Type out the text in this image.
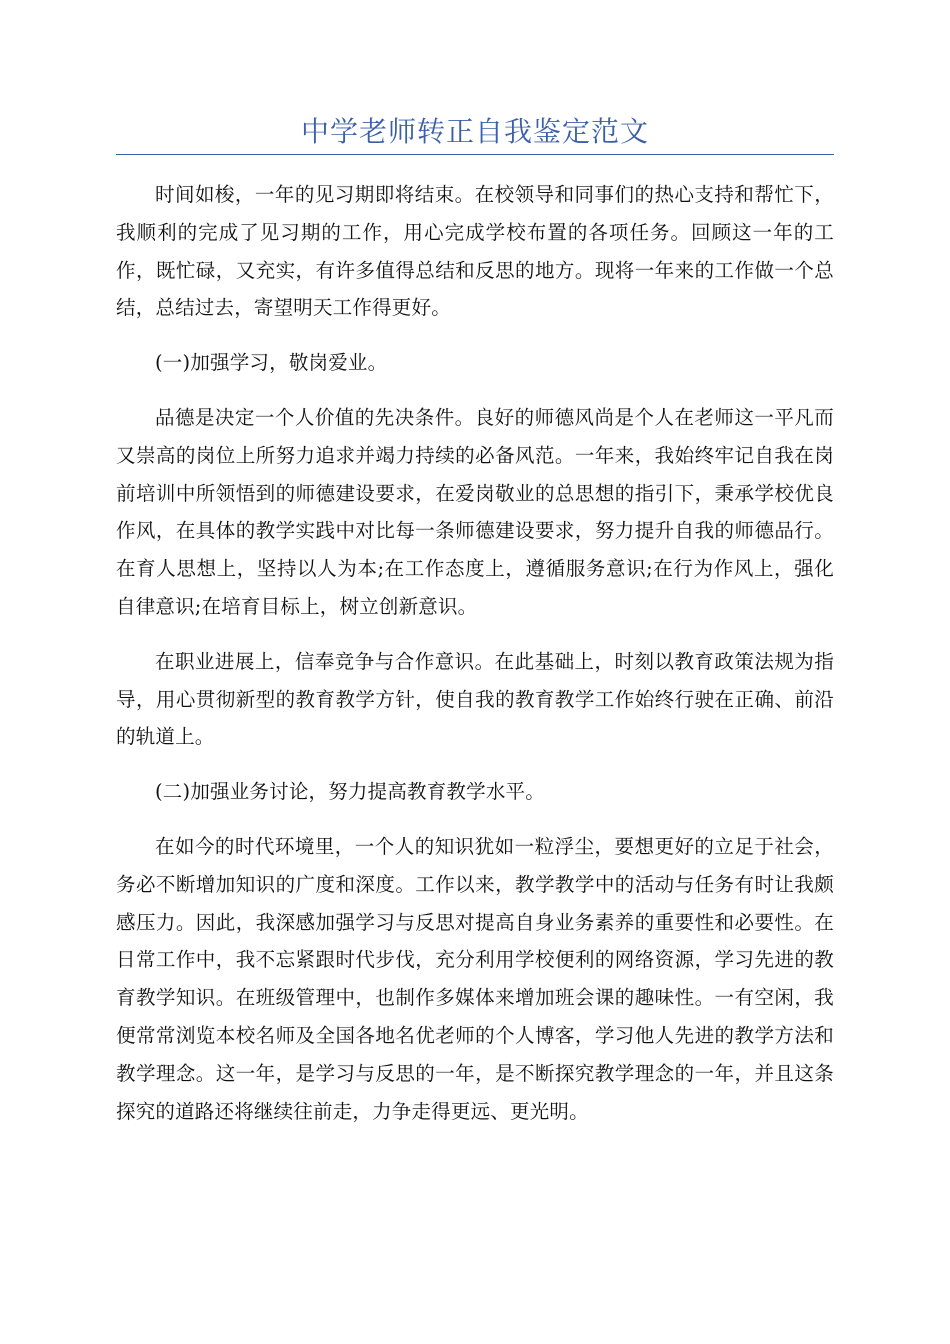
中学老师转正自我鉴定范文

时间如梭，一年的见习期即将结束。在校领导和同事们的热心支持和帮忙下，我顺利的完成了见习期的工作，用心完成学校布置的各项任务。回顾这一年的工作，既忙碌，又充实，有许多值得总结和反思的地方。现将一年来的工作做一个总结，总结过去，寄望明天工作得更好。

(一)加强学习，敬岗爱业。

品德是决定一个人价值的先决条件。良好的师德风尚是个人在老师这一平凡而又崇高的岗位上所努力追求并竭力持续的必备风范。一年来，我始终牢记自我在岗前培训中所领悟到的师德建设要求，在爱岗敬业的总思想的指引下，秉承学校优良作风，在具体的教学实践中对比每一条师德建设要求，努力提升自我的师德品行。在育人思想上，坚持以人为本;在工作态度上，遵循服务意识;在行为作风上，强化自律意识;在培育目标上，树立创新意识。

在职业进展上，信奉竞争与合作意识。在此基础上，时刻以教育政策法规为指导，用心贯彻新型的教育教学方针，使自我的教育教学工作始终行驶在正确、前沿的轨道上。

(二)加强业务讨论，努力提高教育教学水平。

在如今的时代环境里，一个人的知识犹如一粒浮尘，要想更好的立足于社会，务必不断增加知识的广度和深度。工作以来，教学教学中的活动与任务有时让我颇感压力。因此，我深感加强学习与反思对提高自身业务素养的重要性和必要性。在日常工作中，我不忘紧跟时代步伐，充分利用学校便利的网络资源，学习先进的教育教学知识。在班级管理中，也制作多媒体来增加班会课的趣味性。一有空闲，我便常常浏览本校名师及全国各地名优老师的个人博客，学习他人先进的教学方法和教学理念。这一年，是学习与反思的一年，是不断探究教学理念的一年，并且这条探究的道路还将继续往前走，力争走得更远、更光明。
